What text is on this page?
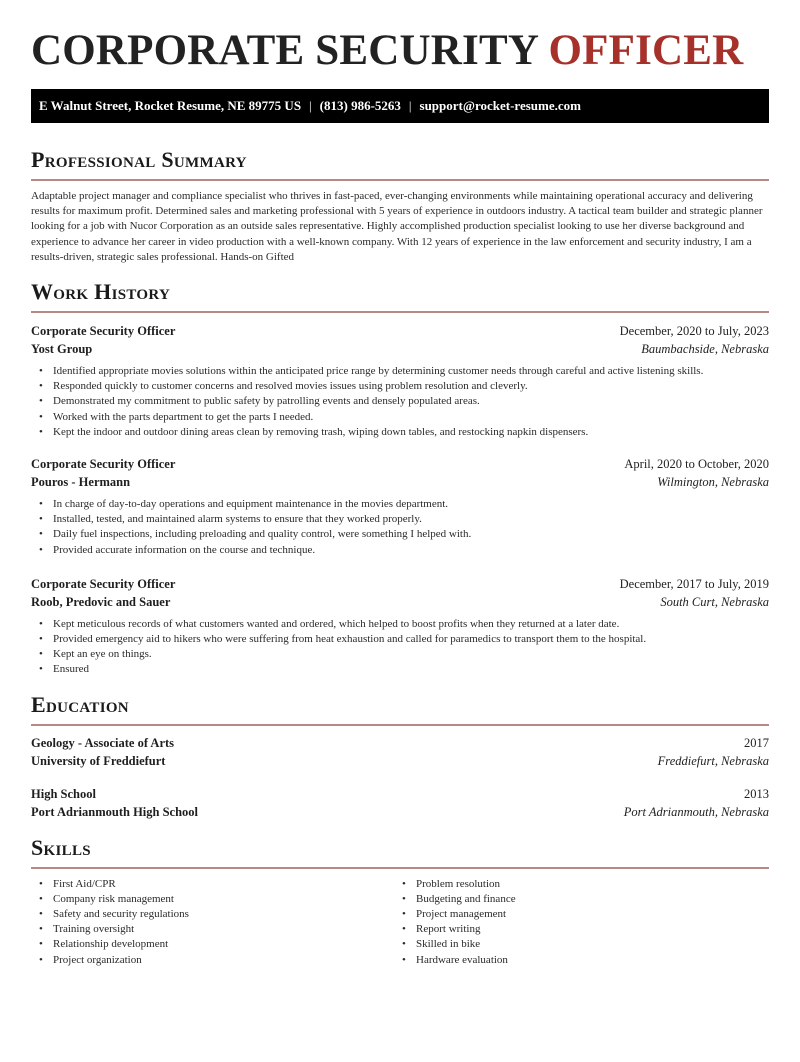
CORPORATE SECURITY OFFICER
E Walnut Street, Rocket Resume, NE 89775 US | (813) 986-5263 | support@rocket-resume.com
Professional Summary

Adaptable project manager and compliance specialist who thrives in fast-paced, ever-changing environments while maintaining operational accuracy and delivering results for maximum profit. Determined sales and marketing professional with 5 years of experience in outdoors industry. A tactical team builder and strategic planner looking for a job with Nucor Corporation as an outside sales representative. Highly accomplished production specialist looking to use her diverse background and experience to advance her career in video production with a well-known company. With 12 years of experience in the law enforcement and security industry, I am a results-driven, strategic sales professional. Hands-on Gifted

Work History
Corporate Security Officer	December, 2020 to July, 2023
Yost Group	Baumbachside, Nebraska
• Identified appropriate movies solutions within the anticipated price range by determining customer needs through careful and active listening skills.
• Responded quickly to customer concerns and resolved movies issues using problem resolution and cleverly.
• Demonstrated my commitment to public safety by patrolling events and densely populated areas.
• Worked with the parts department to get the parts I needed.
• Kept the indoor and outdoor dining areas clean by removing trash, wiping down tables, and restocking napkin dispensers.
Corporate Security Officer	April, 2020 to October, 2020
Pouros - Hermann	Wilmington, Nebraska
• In charge of day-to-day operations and equipment maintenance in the movies department.
• Installed, tested, and maintained alarm systems to ensure that they worked properly.
• Daily fuel inspections, including preloading and quality control, were something I helped with.
• Provided accurate information on the course and technique.
Corporate Security Officer	December, 2017 to July, 2019
Roob, Predovic and Sauer	South Curt, Nebraska
• Kept meticulous records of what customers wanted and ordered, which helped to boost profits when they returned at a later date.
• Provided emergency aid to hikers who were suffering from heat exhaustion and called for paramedics to transport them to the hospital.
• Kept an eye on things.
• Ensured
Education
Geology - Associate of Arts	2017
University of Freddiefurt	Freddiefurt, Nebraska
High School	2013
Port Adrianmouth High School	Port Adrianmouth, Nebraska
Skills
• First Aid/CPR
• Company risk management
• Safety and security regulations
• Training oversight
• Relationship development
• Project organization
• Problem resolution
• Budgeting and finance
• Project management
• Report writing
• Skilled in bike
• Hardware evaluation
